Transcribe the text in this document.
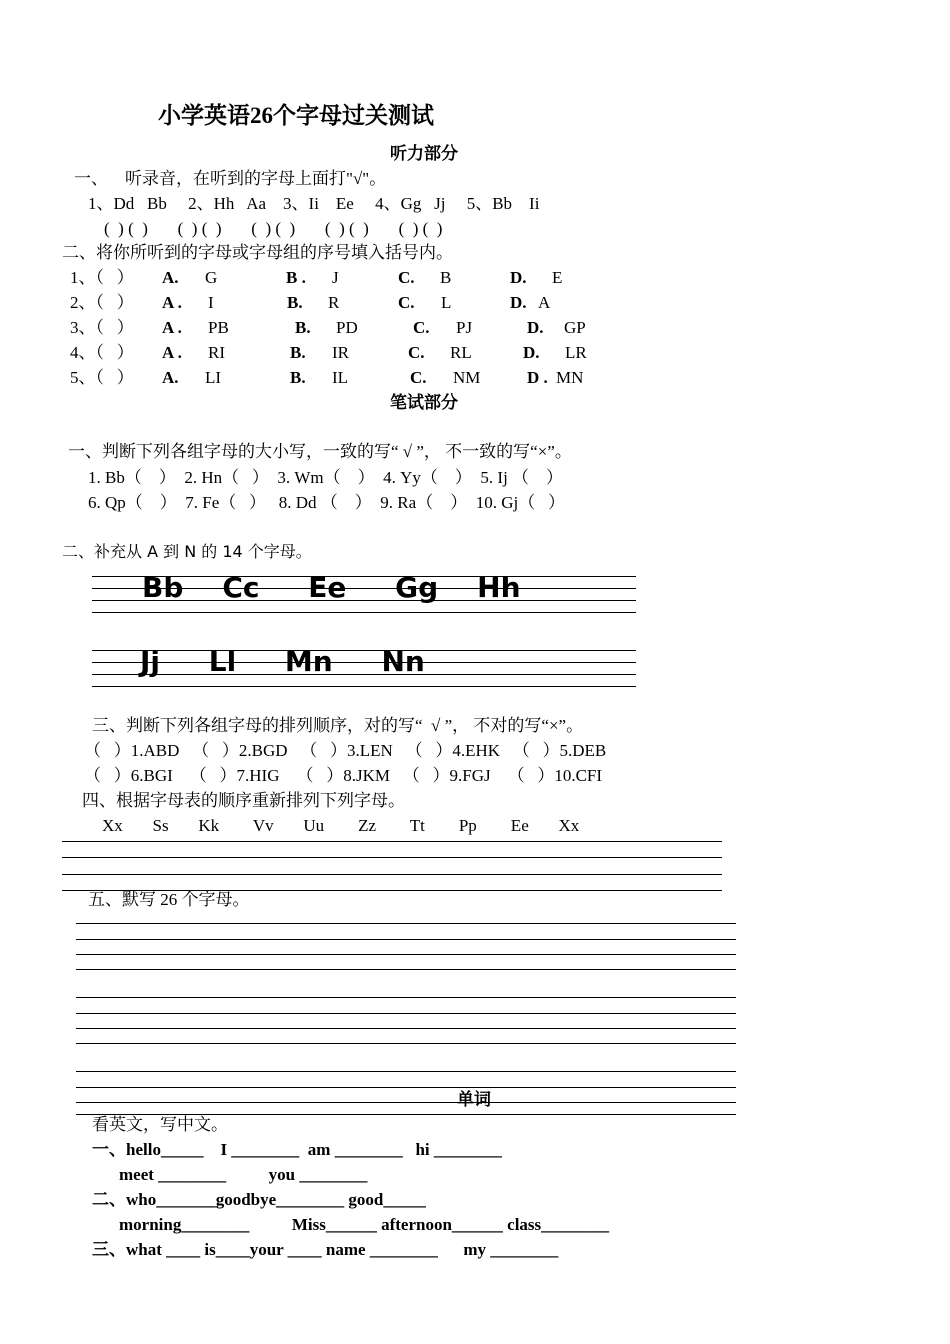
小学英语26个字母过关测试
听力部分
一、    听录音，在听到的字母上面打"√"。
1、Dd   Bb     2、Hh   Aa    3、Ii    Ee     4、Gg   Jj     5、Bb    Ii
(  ) (  )       (  ) (  )       (  ) (  )       (  ) (  )       (  ) (  )
二、将你所听到的字母或字母组的序号填入括号内。
1、（   ） A. G	B . J	C. B	D. E
2、（   ） A . I	B. R	C. L	D. A
3、（   ） A . PB	B. PD	C. PJ	D. GP
4、（   ） A . RI	B. IR	C. RL	D. LR
5、（   ） A. LI	B. IL	C. NM	D . MN
笔试部分
一、判断下列各组字母的大小写，一致的写“ √ ”， 不一致的写“×”。
1. Bb（    ）  2. Hn（   ）  3. Wm（    ）  4. Yy（    ）  5. Ij （    ）
6. Qp（    ）  7. Fe（   ）   8. Dd （    ）  9. Ra（    ）  10. Gj（   ）
二、补充从 A 到 N 的 14 个字母。
Bb    Cc     Ee     Gg    Hh
Jj     Ll     Mn     Nn
三、判断下列各组字母的排列顺序，对的写“  √ ”， 不对的写“×”。
（   ）1.ABD   （   ）2.BGD   （   ）3.LEN   （   ）4.EHK   （   ）5.DEB
（   ）6.BGI    （   ）7.HIG    （   ）8.JKM   （   ）9.FGJ    （   ）10.CFI
四、根据字母表的顺序重新排列下列字母。
Xx       Ss       Kk        Vv       Uu        Zz        Tt        Pp        Ee       Xx
五、默写 26 个字母。
单词
看英文，写中文。
一、hello_____    I ________  am ________   hi ________
meet ________          you ________
二、who_______goodbye________ good_____
morning________          Miss______ afternoon______ class________
三、what ____ is____your ____ name ________      my ________
